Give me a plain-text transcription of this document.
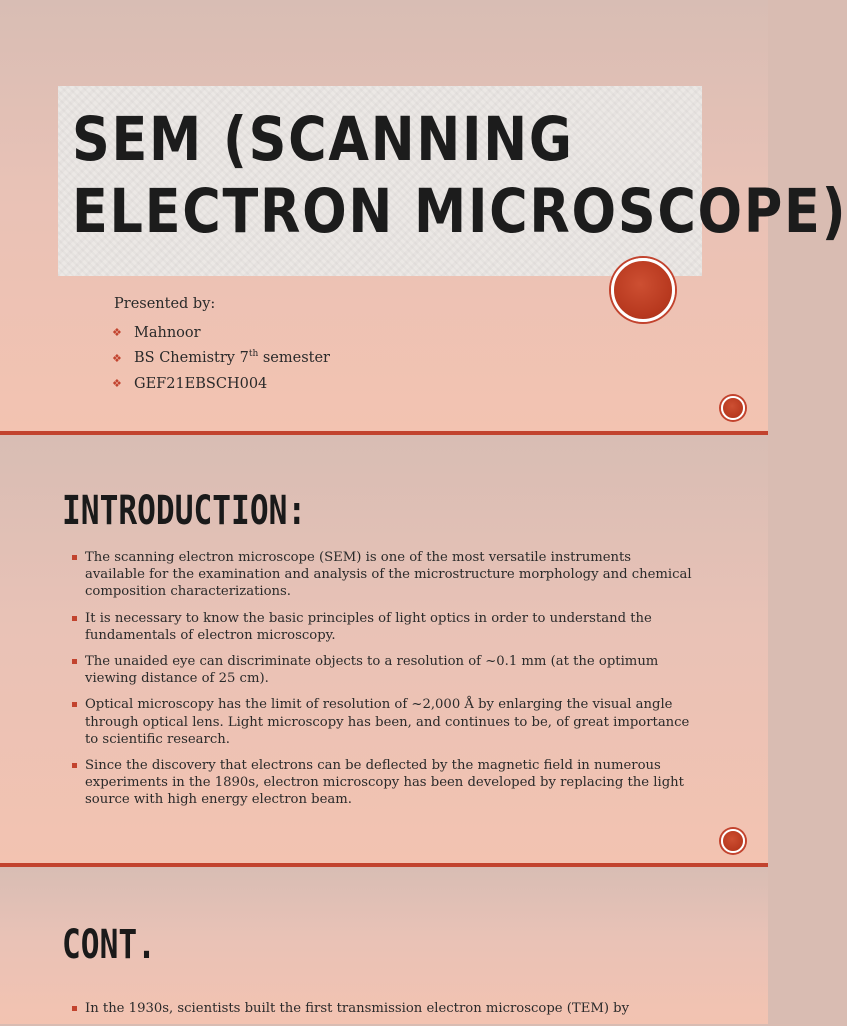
SEM (SCANNING
ELECTRON MICROSCOPE)
Presented by:
❖ Mahnoor
❖ BS Chemistry 7th semester
❖ GEF21EBSCH004
INTRODUCTION:
The scanning electron microscope (SEM) is one of the most versatile instruments available for the examination and analysis of the microstructure morphology and chemical composition characterizations.
It is necessary to know the basic principles of light optics in order to understand the fundamentals of electron microscopy.
The unaided eye can discriminate objects to a resolution of ~0.1 mm (at the optimum viewing distance of 25 cm).
Optical microscopy has the limit of resolution of ~2,000 Å by enlarging the visual angle through optical lens. Light microscopy has been, and continues to be, of great importance to scientific research.
Since the discovery that electrons can be deflected by the magnetic field in numerous experiments in the 1890s, electron microscopy has been developed by replacing the light source with high energy electron beam.
CONT.
In the 1930s, scientists built the first transmission electron microscope (TEM) by
